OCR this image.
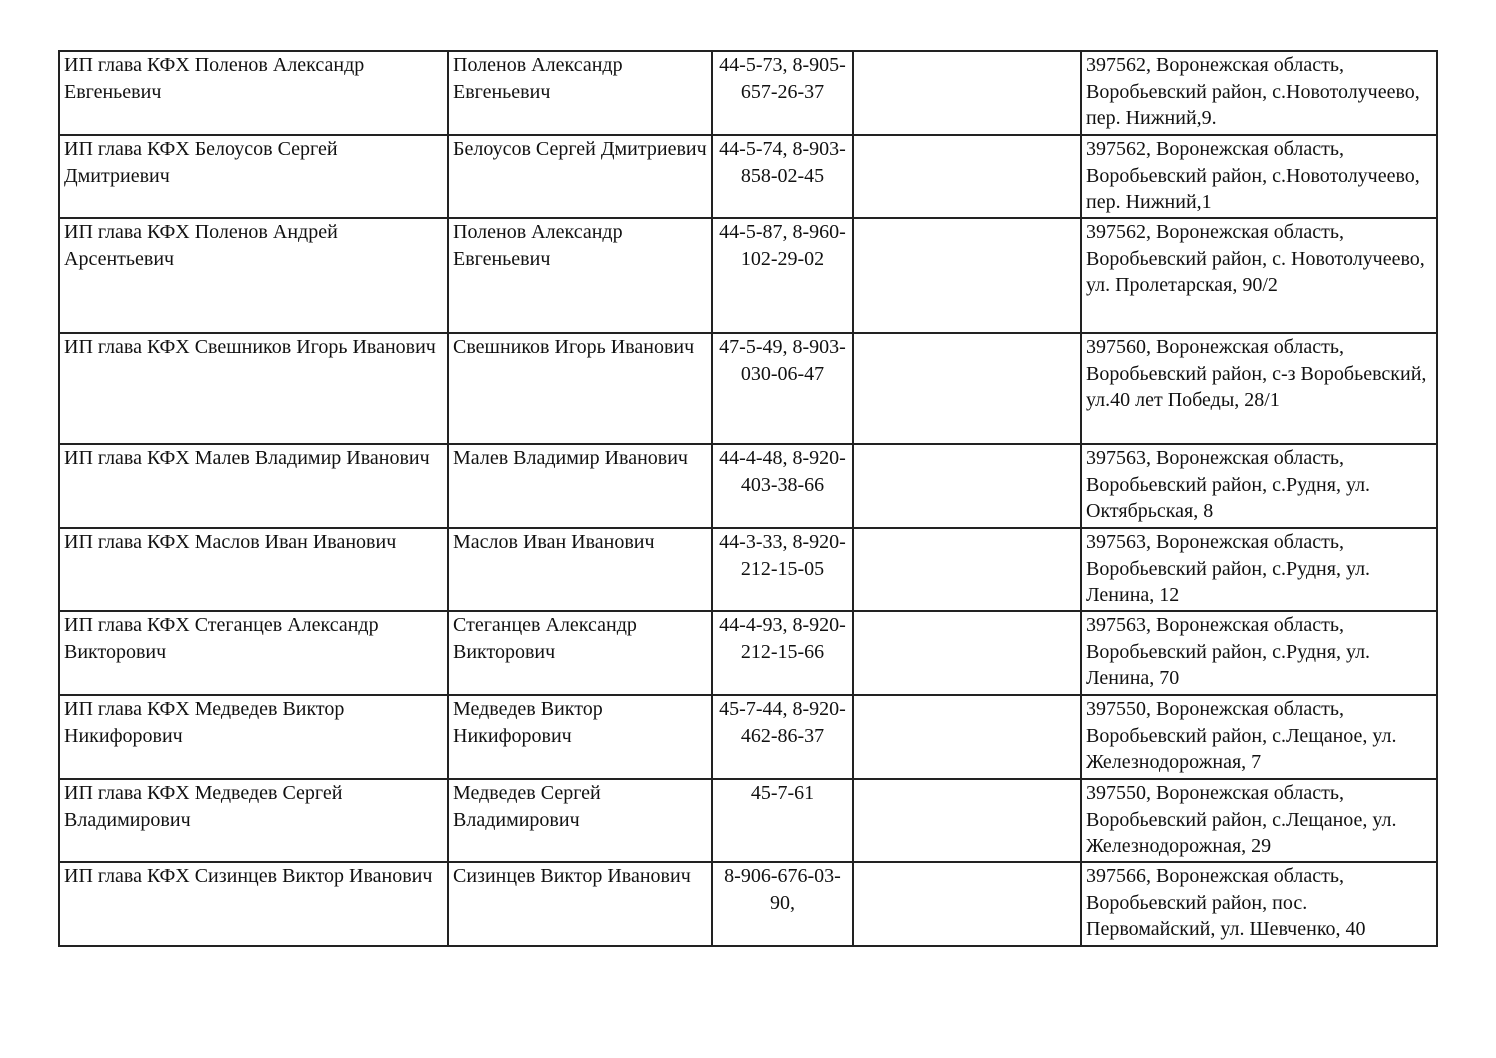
ИП глава КФХ Поленов Александр Евгеньевич	Поленов Александр Евгеньевич	44-5-73, 8-905-657-26-37		397562, Воронежская область, Воробьевский район, с.Новотолучеево, пер. Нижний,9.
ИП глава КФХ Белоусов Сергей Дмитриевич	Белоусов Сергей Дмитриевич	44-5-74, 8-903-858-02-45		397562, Воронежская область, Воробьевский район, с.Новотолучеево, пер. Нижний,1
ИП глава КФХ Поленов Андрей Арсентьевич	Поленов Александр Евгеньевич	44-5-87, 8-960-102-29-02		397562, Воронежская область, Воробьевский район, с. Новотолучеево, ул. Пролетарская, 90/2
ИП глава КФХ Свешников Игорь Иванович	Свешников Игорь Иванович	47-5-49, 8-903-030-06-47		397560, Воронежская область, Воробьевский район, с-з Воробьевский, ул.40 лет Победы, 28/1
ИП глава КФХ Малев Владимир Иванович	Малев Владимир Иванович	44-4-48, 8-920-403-38-66		397563, Воронежская область, Воробьевский район, с.Рудня, ул. Октябрьская, 8
ИП глава КФХ Маслов Иван Иванович	Маслов Иван Иванович	44-3-33, 8-920-212-15-05		397563, Воронежская область, Воробьевский район, с.Рудня, ул. Ленина, 12
ИП глава КФХ Стеганцев Александр Викторович	Стеганцев Александр Викторович	44-4-93, 8-920-212-15-66		397563, Воронежская область, Воробьевский район, с.Рудня, ул. Ленина, 70
ИП глава КФХ Медведев Виктор Никифорович	Медведев Виктор Никифорович	45-7-44, 8-920-462-86-37		397550, Воронежская область, Воробьевский район, с.Лещаное, ул. Железнодорожная, 7
ИП глава КФХ Медведев Сергей Владимирович	Медведев Сергей Владимирович	45-7-61		397550, Воронежская область, Воробьевский район, с.Лещаное, ул. Железнодорожная, 29
ИП глава КФХ Сизинцев Виктор Иванович	Сизинцев Виктор Иванович	8-906-676-03-90,		397566, Воронежская область, Воробьевский район, пос. Первомайский, ул. Шевченко, 40
